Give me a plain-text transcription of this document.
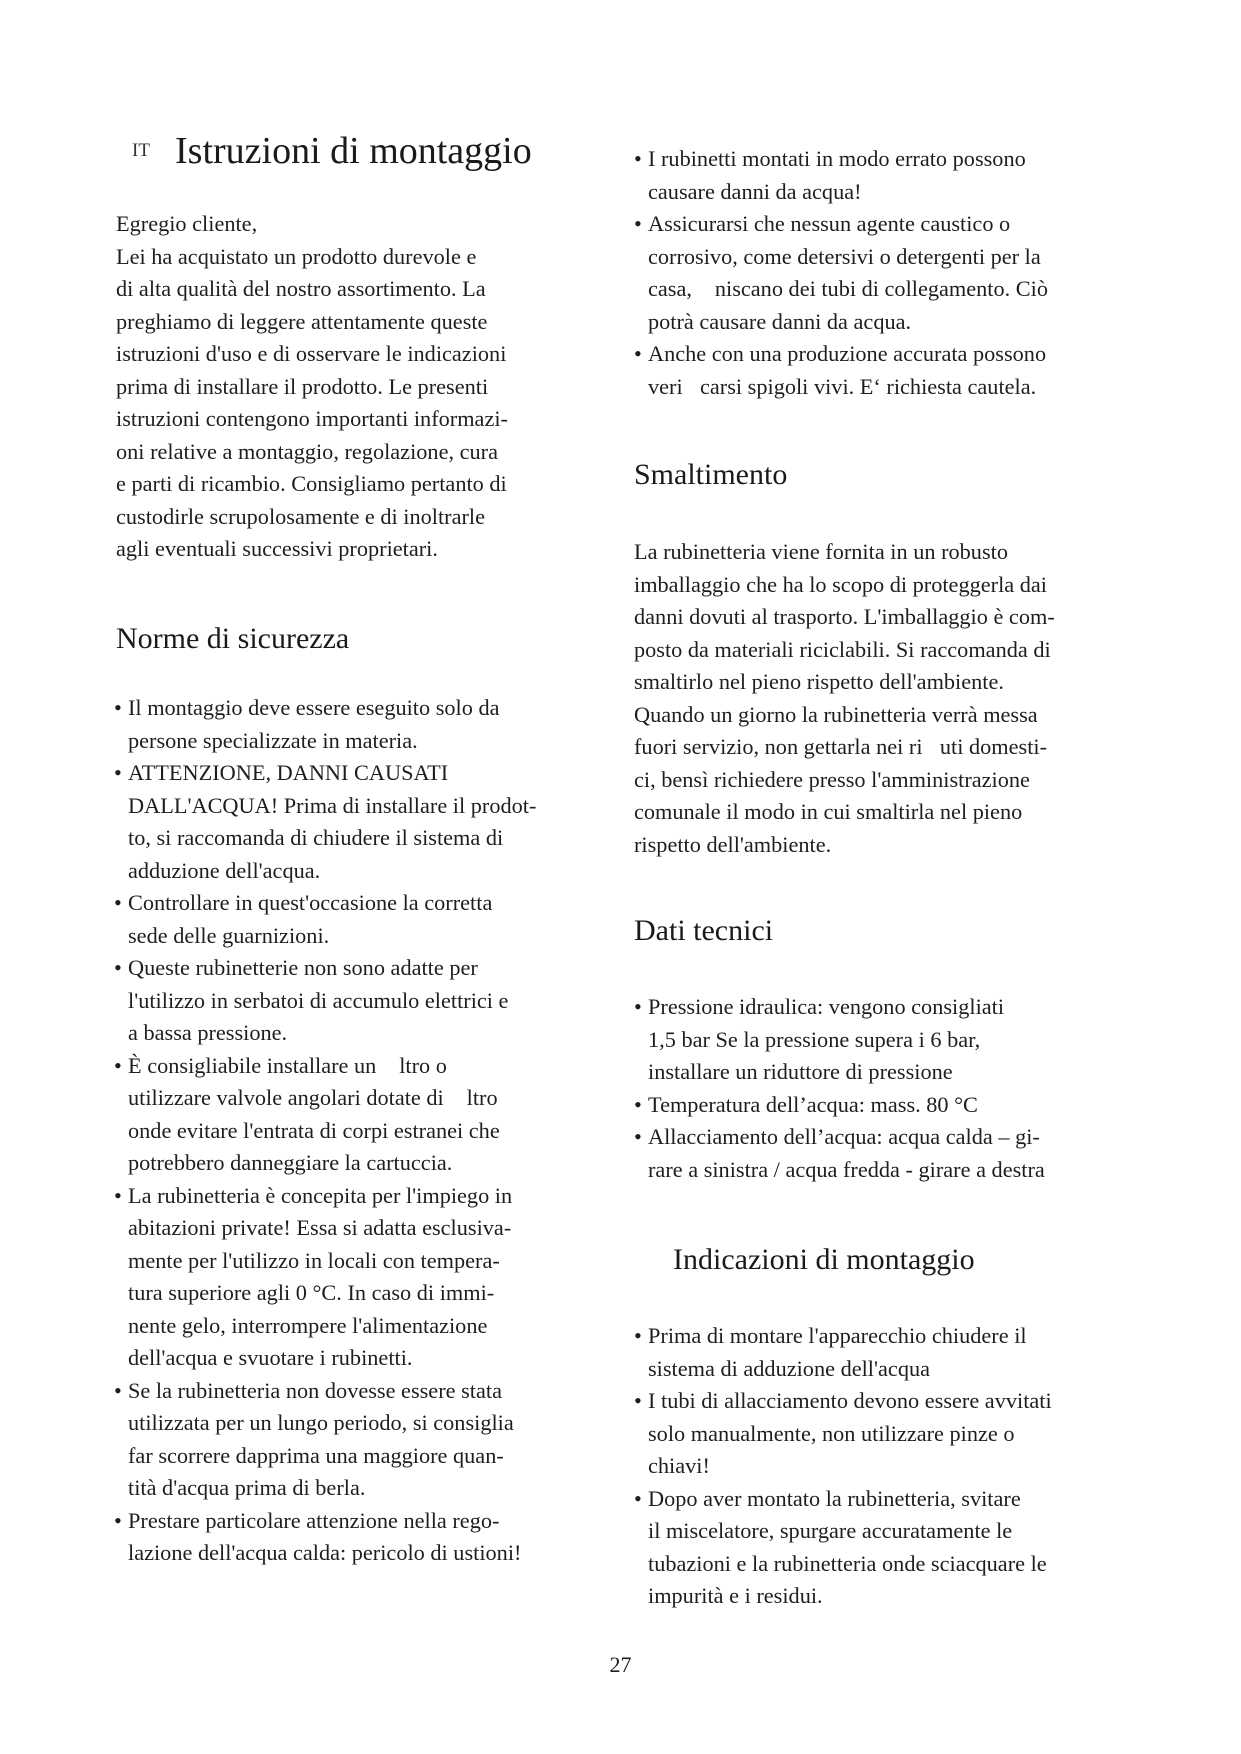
IT Istruzioni di montaggio
Egregio cliente,
Lei ha acquistato un prodotto durevole e
di alta qualità del nostro assortimento. La
preghiamo di leggere attentamente queste
istruzioni d'uso e di osservare le indicazioni
prima di installare il prodotto. Le presenti
istruzioni contengono importanti informazi-
oni relative a montaggio, regolazione, cura
e parti di ricambio. Consigliamo pertanto di
custodirle scrupolosamente e di inoltrarle
agli eventuali successivi proprietari.
Norme di sicurezza
• Il montaggio deve essere eseguito solo da
persone specializzate in materia.
• ATTENZIONE, DANNI CAUSATI
DALL'ACQUA! Prima di installare il prodot-
to, si raccomanda di chiudere il sistema di
adduzione dell'acqua.
• Controllare in quest'occasione la corretta
sede delle guarnizioni.
• Queste rubinetterie non sono adatte per
l'utilizzo in serbatoi di accumulo elettrici e
a bassa pressione.
• È consigliabile installare un  ltro o
utilizzare valvole angolari dotate di  ltro
onde evitare l'entrata di corpi estranei che
potrebbero danneggiare la cartuccia.
• La rubinetteria è concepita per l'impiego in
abitazioni private! Essa si adatta esclusiva-
mente per l'utilizzo in locali con tempera-
tura superiore agli 0 °C. In caso di immi-
nente gelo, interrompere l'alimentazione
dell'acqua e svuotare i rubinetti.
• Se la rubinetteria non dovesse essere stata
utilizzata per un lungo periodo, si consiglia
far scorrere dapprima una maggiore quan-
tità d'acqua prima di berla.
• Prestare particolare attenzione nella rego-
lazione dell'acqua calda: pericolo di ustioni!
• I rubinetti montati in modo errato possono
causare danni da acqua!
• Assicurarsi che nessun agente caustico o
corrosivo, come detersivi o detergenti per la
casa,  niscano dei tubi di collegamento. Ciò
potrà causare danni da acqua.
• Anche con una produzione accurata possono
veri carsi spigoli vivi. E‘ richiesta cautela.
Smaltimento
La rubinetteria viene fornita in un robusto
imballaggio che ha lo scopo di proteggerla dai
danni dovuti al trasporto. L'imballaggio è com-
posto da materiali riciclabili. Si raccomanda di
smaltirlo nel pieno rispetto dell'ambiente.
Quando un giorno la rubinetteria verrà messa
fuori servizio, non gettarla nei ri uti domesti-
ci, bensì richiedere presso l'amministrazione
comunale il modo in cui smaltirla nel pieno
rispetto dell'ambiente.
Dati tecnici
• Pressione idraulica: vengono consigliati
1,5 bar Se la pressione supera i 6 bar,
installare un riduttore di pressione
• Temperatura dell’acqua: mass. 80 °C
• Allacciamento dell’acqua: acqua calda – gi-
rare a sinistra / acqua fredda - girare a destra
Indicazioni di montaggio
• Prima di montare l'apparecchio chiudere il
sistema di adduzione dell'acqua
• I tubi di allacciamento devono essere avvitati
solo manualmente, non utilizzare pinze o
chiavi!
• Dopo aver montato la rubinetteria, svitare
il miscelatore, spurgare accuratamente le
tubazioni e la rubinetteria onde sciacquare le
impurità e i residui.
27
